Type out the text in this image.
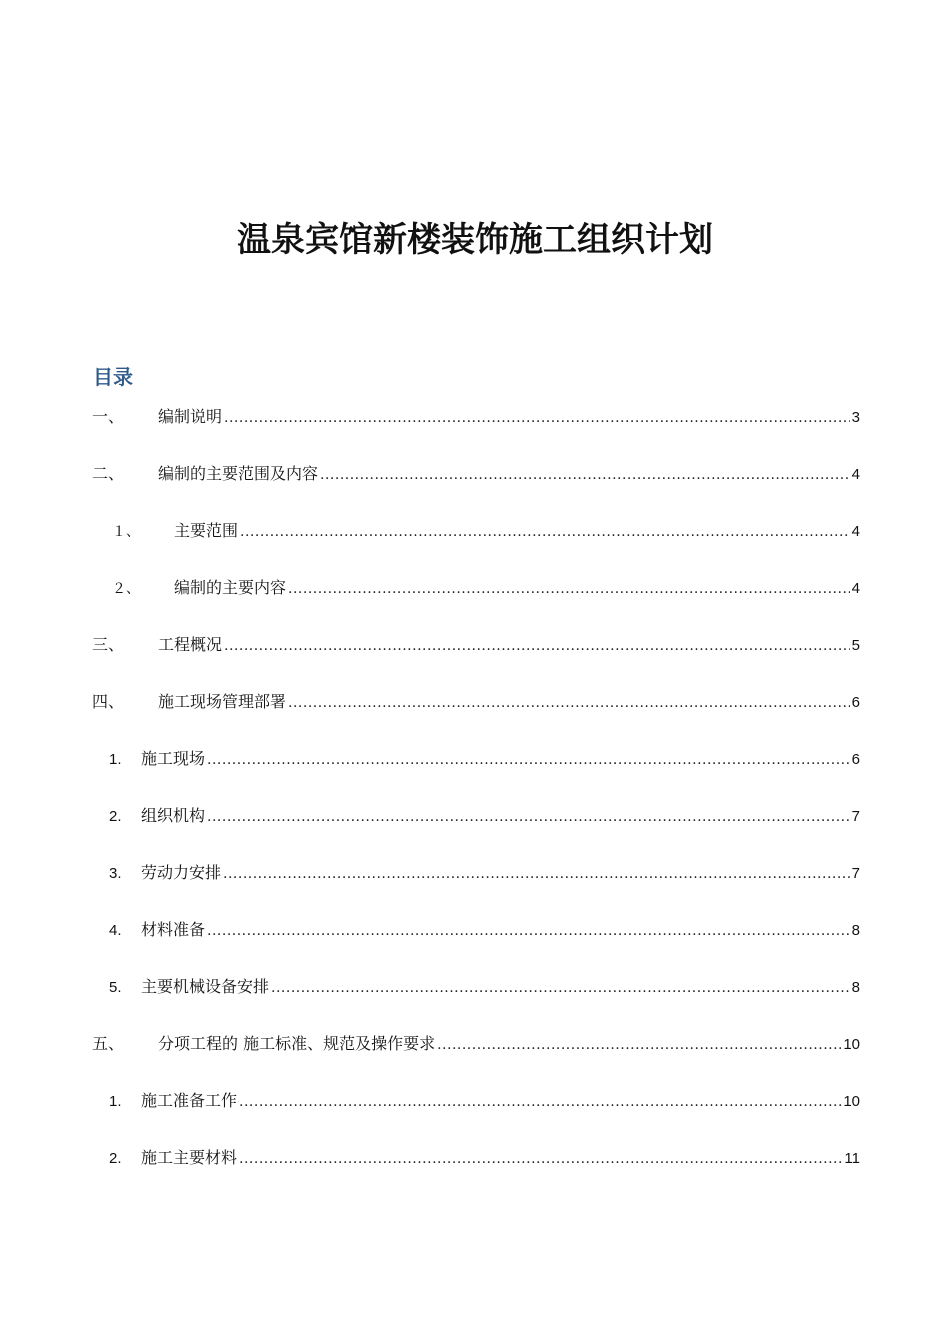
温泉宾馆新楼装饰施工组织计划
目录
一、	编制说明 .....	3
二、	编制的主要范围及内容 .....	4
１、	主要范围 .....	4
２、	编制的主要内容 .....	4
三、	工程概况 .....	5
四、	施工现场管理部署 .....	6
1.	施工现场 .....	6
2.	组织机构 .....	7
3.	劳动力安排 .....	7
4.	材料准备 .....	8
5.	主要机械设备安排 .....	8
五、	分项工程的 施工标准、规范及操作要求 .....	10
1.	施工准备工作 .....	10
2.	施工主要材料 .....	11
